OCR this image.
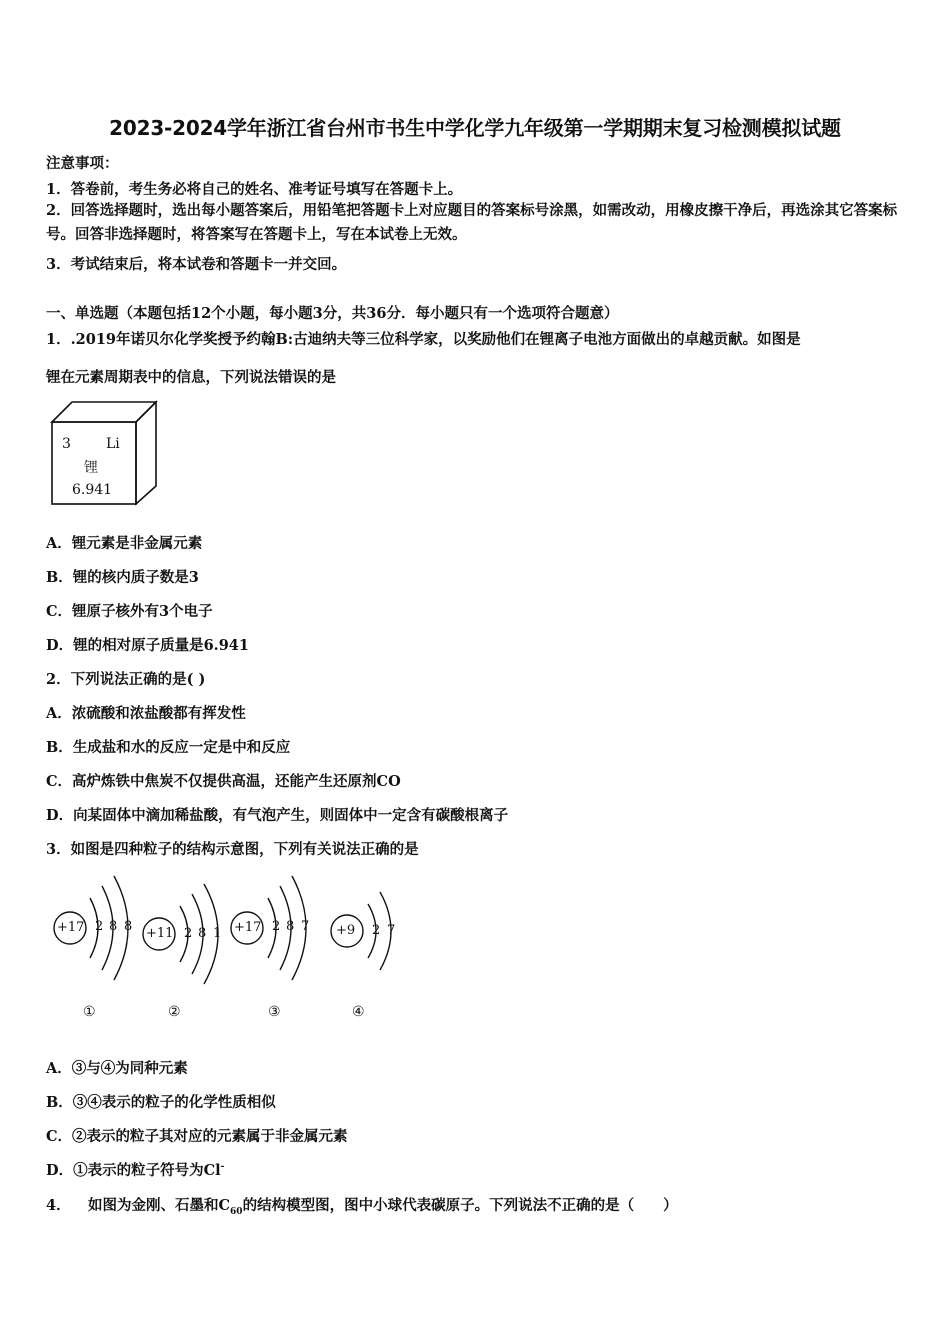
2023-2024学年浙江省台州市书生中学化学九年级第一学期期末复习检测模拟试题
注意事项：
1．答卷前，考生务必将自己的姓名、准考证号填写在答题卡上。
2．回答选择题时，选出每小题答案后，用铅笔把答题卡上对应题目的答案标号涂黑，如需改动，用橡皮擦干净后，再选涂其它答案标号。回答非选择题时，将答案写在答题卡上，写在本试卷上无效。
3．考试结束后，将本试卷和答题卡一并交回。
一、单选题（本题包括12个小题，每小题3分，共36分．每小题只有一个选项符合题意）
1．.2019年诺贝尔化学奖授予约翰B:古迪纳夫等三位科学家，以奖励他们在锂离子电池方面做出的卓越贡献。如图是
锂在元素周期表中的信息，下列说法错误的是
3	Li
锂
6.941
A．锂元素是非金属元素
B．锂的核内质子数是3
C．锂原子核外有3个电子
D．锂的相对原子质量是6.941
2．下列说法正确的是( )
A．浓硫酸和浓盐酸都有挥发性
B．生成盐和水的反应一定是中和反应
C．高炉炼铁中焦炭不仅提供高温，还能产生还原剂CO
D．向某固体中滴加稀盐酸，有气泡产生，则固体中一定含有碳酸根离子
3．如图是四种粒子的结构示意图，下列有关说法正确的是
+17 2 8 8
①
+11 2 8 1
②
+17 2 8 7
③
+9 2 7
④
A．③与④为同种元素
B．③④表示的粒子的化学性质相似
C．②表示的粒子其对应的元素属于非金属元素
D．①表示的粒子符号为Cl-
4． 如图为金刚、石墨和$C_{60}$的结构模型图，图中小球代表碳原子。下列说法不正确的是（　　）
